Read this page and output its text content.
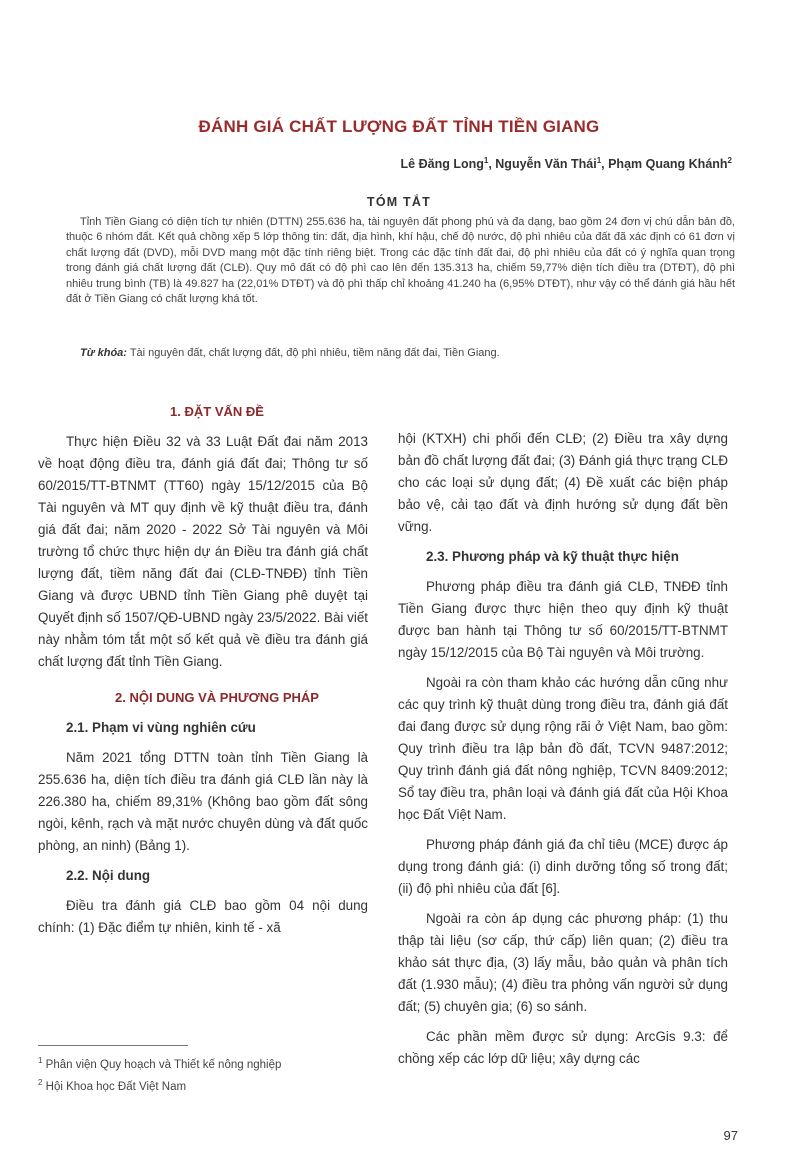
ĐÁNH GIÁ CHẤT LƯỢNG ĐẤT TỈNH TIỀN GIANG
Lê Đăng Long$^1$, Nguyễn Văn Thái$^1$, Phạm Quang Khánh$^2$
TÓM TẮT
Tỉnh Tiền Giang có diện tích tự nhiên (DTTN) 255.636 ha, tài nguyên đất phong phú và đa dạng, bao gồm 24 đơn vị chú dẫn bản đồ, thuộc 6 nhóm đất. Kết quả chồng xếp 5 lớp thông tin: đất, địa hình, khí hậu, chế độ nước, độ phì nhiêu của đất đã xác định có 61 đơn vị chất lượng đất (DVD), mỗi DVD mang một đặc tính riêng biệt. Trong các đặc tính đất đai, độ phì nhiêu của đất có ý nghĩa quan trọng trong đánh giá chất lượng đất (CLĐ). Quy mô đất có độ phì cao lên đến 135.313 ha, chiếm 59,77% diện tích điều tra (DTĐT), độ phì nhiêu trung bình (TB) là 49.827 ha (22,01% DTĐT) và độ phì thấp chỉ khoảng 41.240 ha (6,95% DTĐT), như vậy có thể đánh giá hầu hết đất ở Tiền Giang có chất lượng khá tốt.
Từ khóa: Tài nguyên đất, chất lượng đất, độ phì nhiêu, tiềm năng đất đai, Tiền Giang.

1. ĐẶT VẤN ĐỀ

Thực hiện Điều 32 và 33 Luật Đất đai năm 2013 về hoạt động điều tra, đánh giá đất đai; Thông tư số 60/2015/TT-BTNMT (TT60) ngày 15/12/2015 của Bộ Tài nguyên và MT quy định về kỹ thuật điều tra, đánh giá đất đai; năm 2020 - 2022 Sở Tài nguyên và Môi trường tổ chức thực hiện dự án Điều tra đánh giá chất lượng đất, tiềm năng đất đai (CLĐ-TNĐĐ) tỉnh Tiền Giang và được UBND tỉnh Tiền Giang phê duyệt tại Quyết định số 1507/QĐ-UBND ngày 23/5/2022. Bài viết này nhằm tóm tắt một số kết quả về điều tra đánh giá chất lượng đất tỉnh Tiền Giang.

2. NỘI DUNG VÀ PHƯƠNG PHÁP

2.1. Phạm vi vùng nghiên cứu

Năm 2021 tổng DTTN toàn tỉnh Tiền Giang là 255.636 ha, diện tích điều tra đánh giá CLĐ lần này là 226.380 ha, chiếm 89,31% (Không bao gồm đất sông ngòi, kênh, rạch và mặt nước chuyên dùng và đất quốc phòng, an ninh) (Bảng 1).

2.2. Nội dung

Điều tra đánh giá CLĐ bao gồm 04 nội dung chính: (1) Đặc điểm tự nhiên, kinh tế - xã

hội (KTXH) chi phối đến CLĐ; (2) Điều tra xây dựng bản đồ chất lượng đất đai; (3) Đánh giá thực trạng CLĐ cho các loại sử dụng đất; (4) Đề xuất các biện pháp bảo vệ, cải tạo đất và định hướng sử dụng đất bền vững.

2.3. Phương pháp và kỹ thuật thực hiện

Phương pháp điều tra đánh giá CLĐ, TNĐĐ tỉnh Tiền Giang được thực hiện theo quy định kỹ thuật được ban hành tại Thông tư số 60/2015/TT-BTNMT ngày 15/12/2015 của Bộ Tài nguyên và Môi trường.

Ngoài ra còn tham khảo các hướng dẫn cũng như các quy trình kỹ thuật dùng trong điều tra, đánh giá đất đai đang được sử dụng rộng rãi ở Việt Nam, bao gồm: Quy trình điều tra lập bản đồ đất, TCVN 9487:2012; Quy trình đánh giá đất nông nghiệp, TCVN 8409:2012; Sổ tay điều tra, phân loại và đánh giá đất của Hội Khoa học Đất Việt Nam.

Phương pháp đánh giá đa chỉ tiêu (MCE) được áp dụng trong đánh giá: (i) dinh dưỡng tổng số trong đất; (ii) độ phì nhiêu của đất [6].

Ngoài ra còn áp dụng các phương pháp: (1) thu thập tài liệu (sơ cấp, thứ cấp) liên quan; (2) điều tra khảo sát thực địa, (3) lấy mẫu, bảo quản và phân tích đất (1.930 mẫu); (4) điều tra phỏng vấn người sử dụng đất; (5) chuyên gia; (6) so sánh.

Các phần mềm được sử dụng: ArcGis 9.3: để chồng xếp các lớp dữ liệu; xây dựng các

$^1$ Phân viện Quy hoạch và Thiết kế nông nghiệp
$^2$ Hội Khoa học Đất Việt Nam
97
